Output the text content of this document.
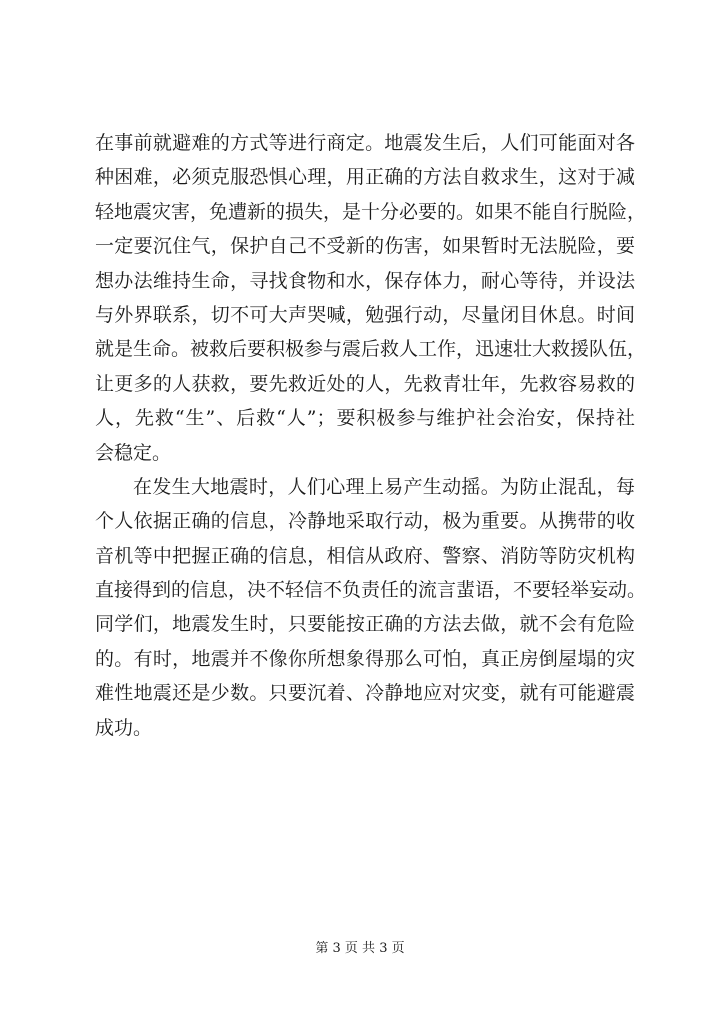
在事前就避难的方式等进行商定。地震发生后，人们可能面对各
种困难，必须克服恐惧心理，用正确的方法自救求生，这对于减
轻地震灾害，免遭新的损失，是十分必要的。如果不能自行脱险，
一定要沉住气，保护自己不受新的伤害，如果暂时无法脱险，要
想办法维持生命，寻找食物和水，保存体力，耐心等待，并设法
与外界联系，切不可大声哭喊，勉强行动，尽量闭目休息。时间
就是生命。被救后要积极参与震后救人工作，迅速壮大救援队伍，
让更多的人获救，要先救近处的人，先救青壮年，先救容易救的
人，先救“生”、后救“人”；要积极参与维护社会治安，保持社
会稳定。
在发生大地震时，人们心理上易产生动摇。为防止混乱，每
个人依据正确的信息，冷静地采取行动，极为重要。从携带的收
音机等中把握正确的信息，相信从政府、警察、消防等防灾机构
直接得到的信息，决不轻信不负责任的流言蜚语，不要轻举妄动。
同学们，地震发生时，只要能按正确的方法去做，就不会有危险
的。有时，地震并不像你所想象得那么可怕，真正房倒屋塌的灾
难性地震还是少数。只要沉着、冷静地应对灾变，就有可能避震
成功。
第 3 页 共 3 页
